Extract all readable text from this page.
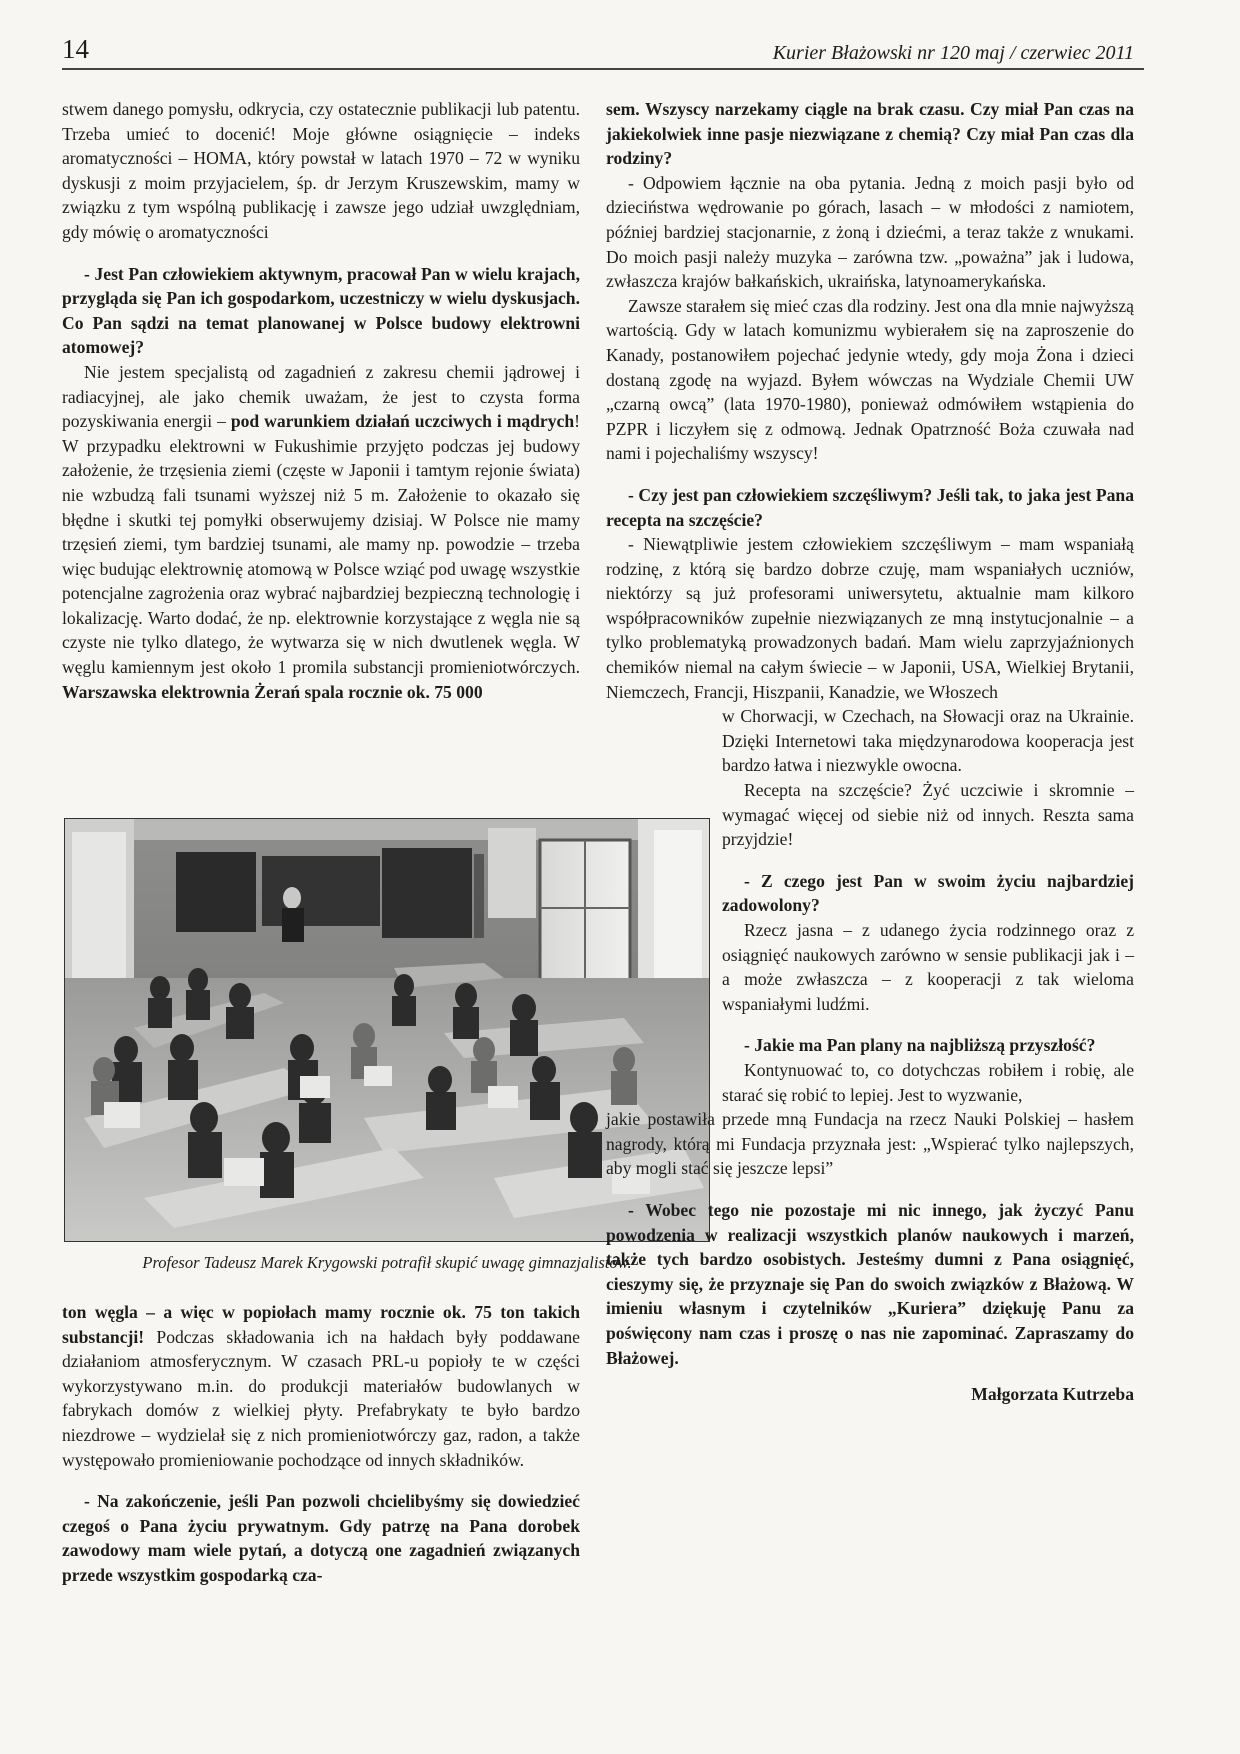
14	Kurier Błażowski nr 120 maj / czerwiec 2011

stwem danego pomysłu, odkrycia, czy ostatecznie publikacji lub patentu. Trzeba umieć to docenić! Moje główne osiągnięcie – indeks aromatyczności – HOMA, który powstał w latach 1970 – 72 w wyniku dyskusji z moim przyjacielem, śp. dr Jerzym Kruszewskim, mamy w związku z tym wspólną publikację i zawsze jego udział uwzględniam, gdy mówię o aromatyczności

- Jest Pan człowiekiem aktywnym, pracował Pan w wielu krajach, przygląda się Pan ich gospodarkom, uczestniczy w wielu dyskusjach. Co Pan sądzi na temat planowanej w Polsce budowy elektrowni atomowej?

Nie jestem specjalistą od zagadnień z zakresu chemii jądrowej i radiacyjnej, ale jako chemik uważam, że jest to czysta forma pozyskiwania energii – pod warunkiem działań uczciwych i mądrych! W przypadku elektrowni w Fukushimie przyjęto podczas jej budowy założenie, że trzęsienia ziemi (częste w Japonii i tamtym rejonie świata) nie wzbudzą fali tsunami wyższej niż 5 m. Założenie to okazało się błędne i skutki tej pomyłki obserwujemy dzisiaj. W Polsce nie mamy trzęsień ziemi, tym bardziej tsunami, ale mamy np. powodzie – trzeba więc budując elektrownię atomową w Polsce wziąć pod uwagę wszystkie potencjalne zagrożenia oraz wybrać najbardziej bezpieczną technologię i lokalizację. Warto dodać, że np. elektrownie korzystające z węgla nie są czyste nie tylko dlatego, że wytwarza się w nich dwutlenek węgla. W węglu kamiennym jest około 1 promila substancji promieniotwórczych. Warszawska elektrownia Żerań spala rocznie ok. 75 000

Profesor Tadeusz Marek Krygowski potrafił skupić uwagę gimnazjalistów.

ton węgla – a więc w popiołach mamy rocznie ok. 75 ton takich substancji! Podczas składowania ich na hałdach były poddawane działaniom atmosferycznym. W czasach PRL-u popioły te w części wykorzystywano m.in. do produkcji materiałów budowlanych w fabrykach domów z wielkiej płyty. Prefabrykaty te było bardzo niezdrowe – wydzielał się z nich promieniotwórczy gaz, radon, a także występowało promieniowanie pochodzące od innych składników.

- Na zakończenie, jeśli Pan pozwoli chcielibyśmy się dowiedzieć czegoś o Pana życiu prywatnym. Gdy patrzę na Pana dorobek zawodowy mam wiele pytań, a dotyczą one zagadnień związanych przede wszystkim gospodarką cza-

sem. Wszyscy narzekamy ciągle na brak czasu. Czy miał Pan czas na jakiekolwiek inne pasje niezwiązane z chemią? Czy miał Pan czas dla rodziny?

- Odpowiem łącznie na oba pytania. Jedną z moich pasji było od dzieciństwa wędrowanie po górach, lasach – w młodości z namiotem, później bardziej stacjonarnie, z żoną i dziećmi, a teraz także z wnukami. Do moich pasji należy muzyka – zarówna tzw. „poważna” jak i ludowa, zwłaszcza krajów bałkańskich, ukraińska, latynoamerykańska.

Zawsze starałem się mieć czas dla rodziny. Jest ona dla mnie najwyższą wartością. Gdy w latach komunizmu wybierałem się na zaproszenie do Kanady, postanowiłem pojechać jedynie wtedy, gdy moja Żona i dzieci dostaną zgodę na wyjazd. Byłem wówczas na Wydziale Chemii UW „czarną owcą” (lata 1970-1980), ponieważ odmówiłem wstąpienia do PZPR i liczyłem się z odmową. Jednak Opatrzność Boża czuwała nad nami i pojechaliśmy wszyscy!

- Czy jest pan człowiekiem szczęśliwym? Jeśli tak, to jaka jest Pana recepta na szczęście?

- Niewątpliwie jestem człowiekiem szczęśliwym – mam wspaniałą rodzinę, z którą się bardzo dobrze czuję, mam wspaniałych uczniów, niektórzy są już profesorami uniwersytetu, aktualnie mam kilkoro współpracowników zupełnie niezwiązanych ze mną instytucjonalnie – a tylko problematyką prowadzonych badań. Mam wielu zaprzyjaźnionych chemików niemal na całym świecie – w Japonii, USA, Wielkiej Brytanii, Niemczech, Francji, Hiszpanii, Kanadzie, we Włoszech

w Chorwacji, w Czechach, na Słowacji oraz na Ukrainie. Dzięki Internetowi taka międzynarodowa kooperacja jest bardzo łatwa i niezwykle owocna.

Recepta na szczęście? Żyć uczciwie i skromnie – wymagać więcej od siebie niż od innych. Reszta sama przyjdzie!

- Z czego jest Pan w swoim życiu najbardziej zadowolony?

Rzecz jasna – z udanego życia rodzinnego oraz z osiągnięć naukowych zarówno w sensie publikacji jak i – a może zwłaszcza – z kooperacji z tak wieloma wspaniałymi ludźmi.

- Jakie ma Pan plany na najbliższą przyszłość?

Kontynuować to, co dotychczas robiłem i robię, ale starać się robić to lepiej. Jest to wyzwanie,

jakie postawiła przede mną Fundacja na rzecz Nauki Polskiej – hasłem nagrody, którą mi Fundacja przyznała jest: „Wspierać tylko najlepszych, aby mogli stać się jeszcze lepsi”

- Wobec tego nie pozostaje mi nic innego, jak życzyć Panu powodzenia w realizacji wszystkich planów naukowych i marzeń, także tych bardzo osobistych. Jesteśmy dumni z Pana osiągnięć, cieszymy się, że przyznaje się Pan do swoich związków z Błażową. W imieniu własnym i czytelników „Kuriera” dziękuję Panu za poświęcony nam czas i proszę o nas nie zapominać. Zapraszamy do Błażowej.

Małgorzata Kutrzeba
